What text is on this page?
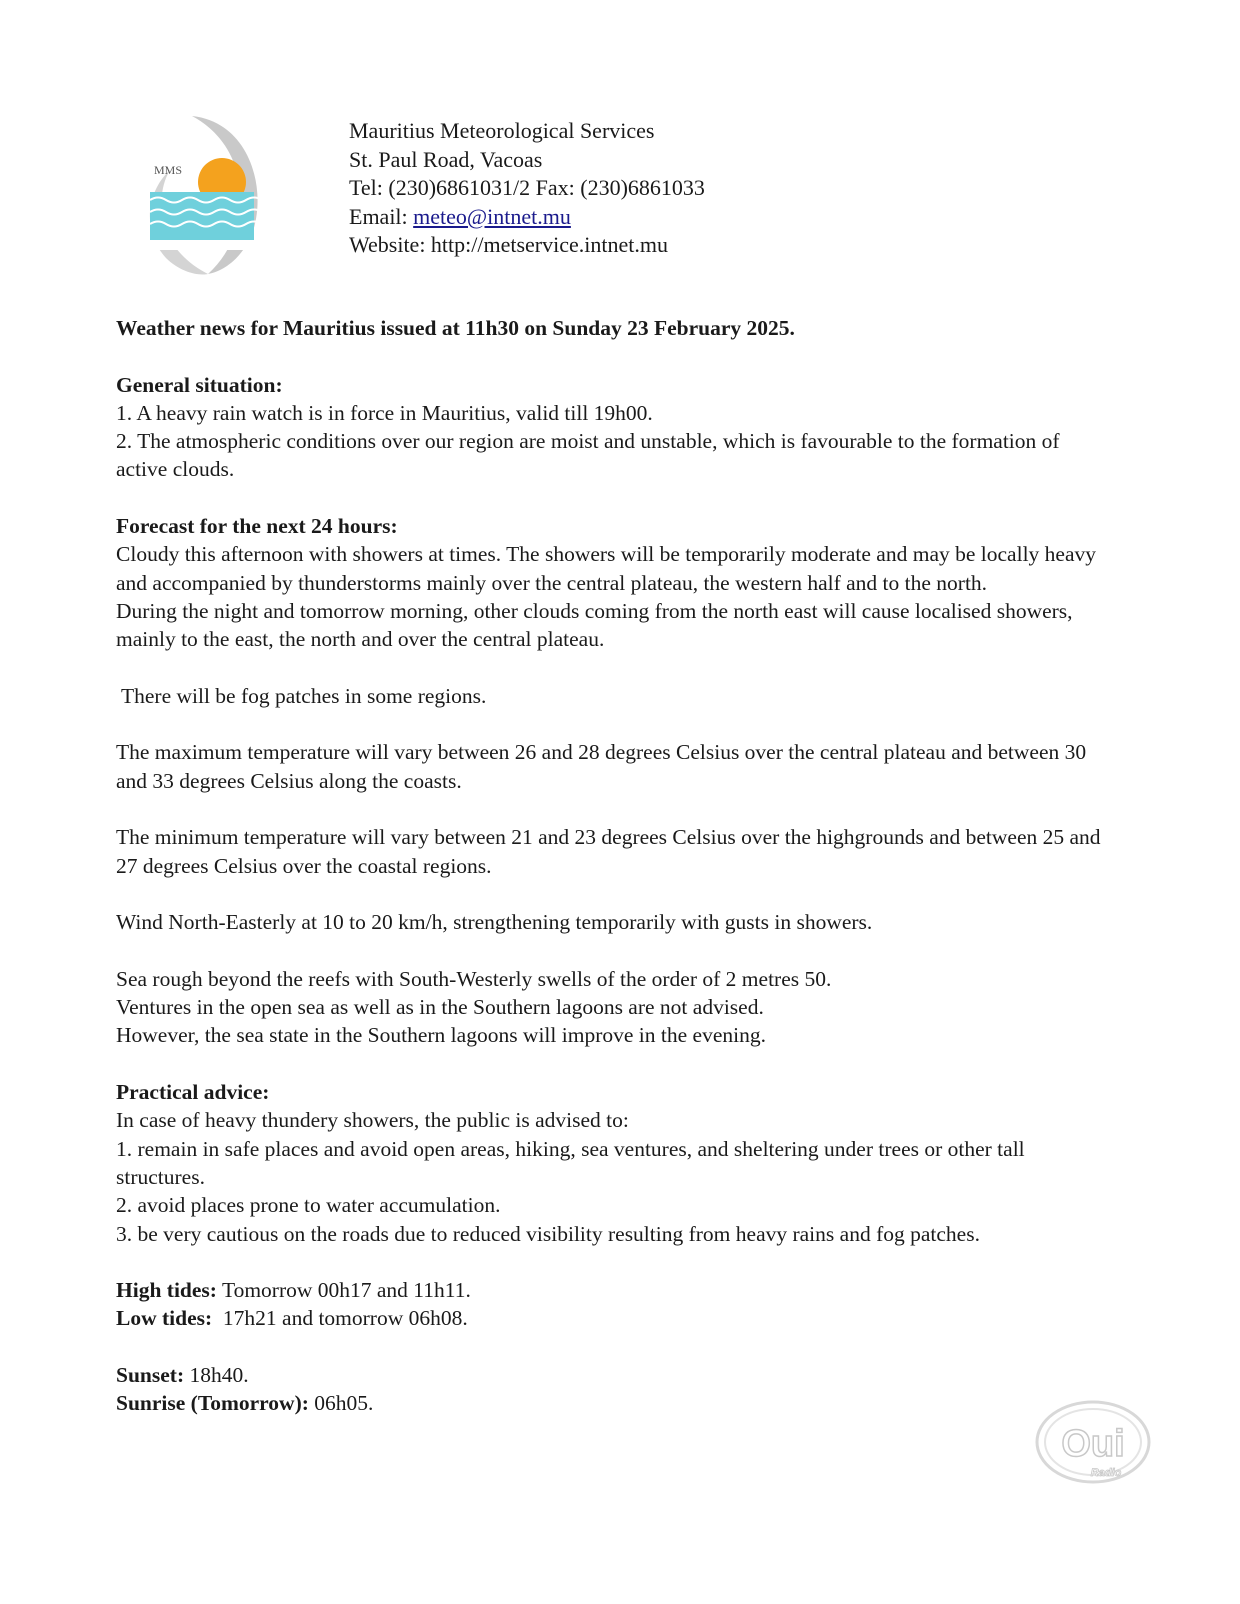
MMS
Mauritius Meteorological Services
St. Paul Road, Vacoas
Tel: (230)6861031/2 Fax: (230)6861033
Email: meteo@intnet.mu
Website: http://metservice.intnet.mu

Weather news for Mauritius issued at 11h30 on Sunday 23 February 2025.

General situation:

1. A heavy rain watch is in force in Mauritius, valid till 19h00.

2. The atmospheric conditions over our region are moist and unstable, which is favourable to the formation of active clouds.

Forecast for the next 24 hours:

Cloudy this afternoon with showers at times. The showers will be temporarily moderate and may be locally heavy and accompanied by thunderstorms mainly over the central plateau, the western half and to the north.

During the night and tomorrow morning, other clouds coming from the north east will cause localised showers, mainly to the east, the north and over the central plateau.

There will be fog patches in some regions.

The maximum temperature will vary between 26 and 28 degrees Celsius over the central plateau and between 30 and 33 degrees Celsius along the coasts.

The minimum temperature will vary between 21 and 23 degrees Celsius over the highgrounds and between 25 and 27 degrees Celsius over the coastal regions.

Wind North-Easterly at 10 to 20 km/h, strengthening temporarily with gusts in showers.

Sea rough beyond the reefs with South-Westerly swells of the order of 2 metres 50.

Ventures in the open sea as well as in the Southern lagoons are not advised.

However, the sea state in the Southern lagoons will improve in the evening.

Practical advice:

In case of heavy thundery showers, the public is advised to:

1. remain in safe places and avoid open areas, hiking, sea ventures, and sheltering under trees or other tall structures.

2. avoid places prone to water accumulation.

3. be very cautious on the roads due to reduced visibility resulting from heavy rains and fog patches.

High tides: Tomorrow 00h17 and 11h11.

Low tides:  17h21 and tomorrow 06h08.

Sunset: 18h40.

Sunrise (Tomorrow): 06h05.

Oui
Radio
